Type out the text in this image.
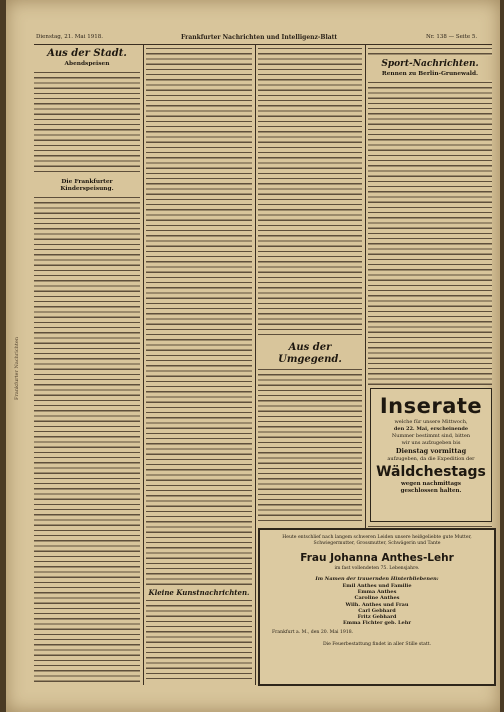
Dienstag, 21. Mai 1918.	Frankfurter Nachrichten und Intelligenz-Blatt	Nr. 138 — Seite 5.
Aus der Stadt.
Abendspeisen
Die Frankfurter Kinderspeisung.
Kleine Kunstnachrichten.
Aus der Umgegend.
Sport-Nachrichten.
Rennen zu Berlin-Grunewald.
Inserate
welche für unsere Mittwoch,
den 22. Mai, erscheinende
Nummer bestimmt sind, bitten
wir uns aufzugeben bis
Dienstag vormittag
aufzugeben, da die Expedition der
Wäldchestags
wegen nachmittags
geschlossen halten.
Heute entschlief nach langem schweren Leiden unsere heißgeliebte gute Mutter, Schwiegermutter, Grossmutter, Schwägerin und Tante
Frau Johanna Anthes-Lehr
im fast vollendeten 75. Lebensjahre.
Im Namen der trauernden Hinterbliebenen:
Emil Anthes und Familie
Emma Anthes
Caroline Anthes
Wilh. Anthes und Frau
Carl Gebhard
Fritz Gebhard
Emma Fichter geb. Lehr
Frankfurt a. M., den 20. Mai 1918.
Die Feuerbestattung findet in aller Stille statt.
Frankfurter Nachrichten
